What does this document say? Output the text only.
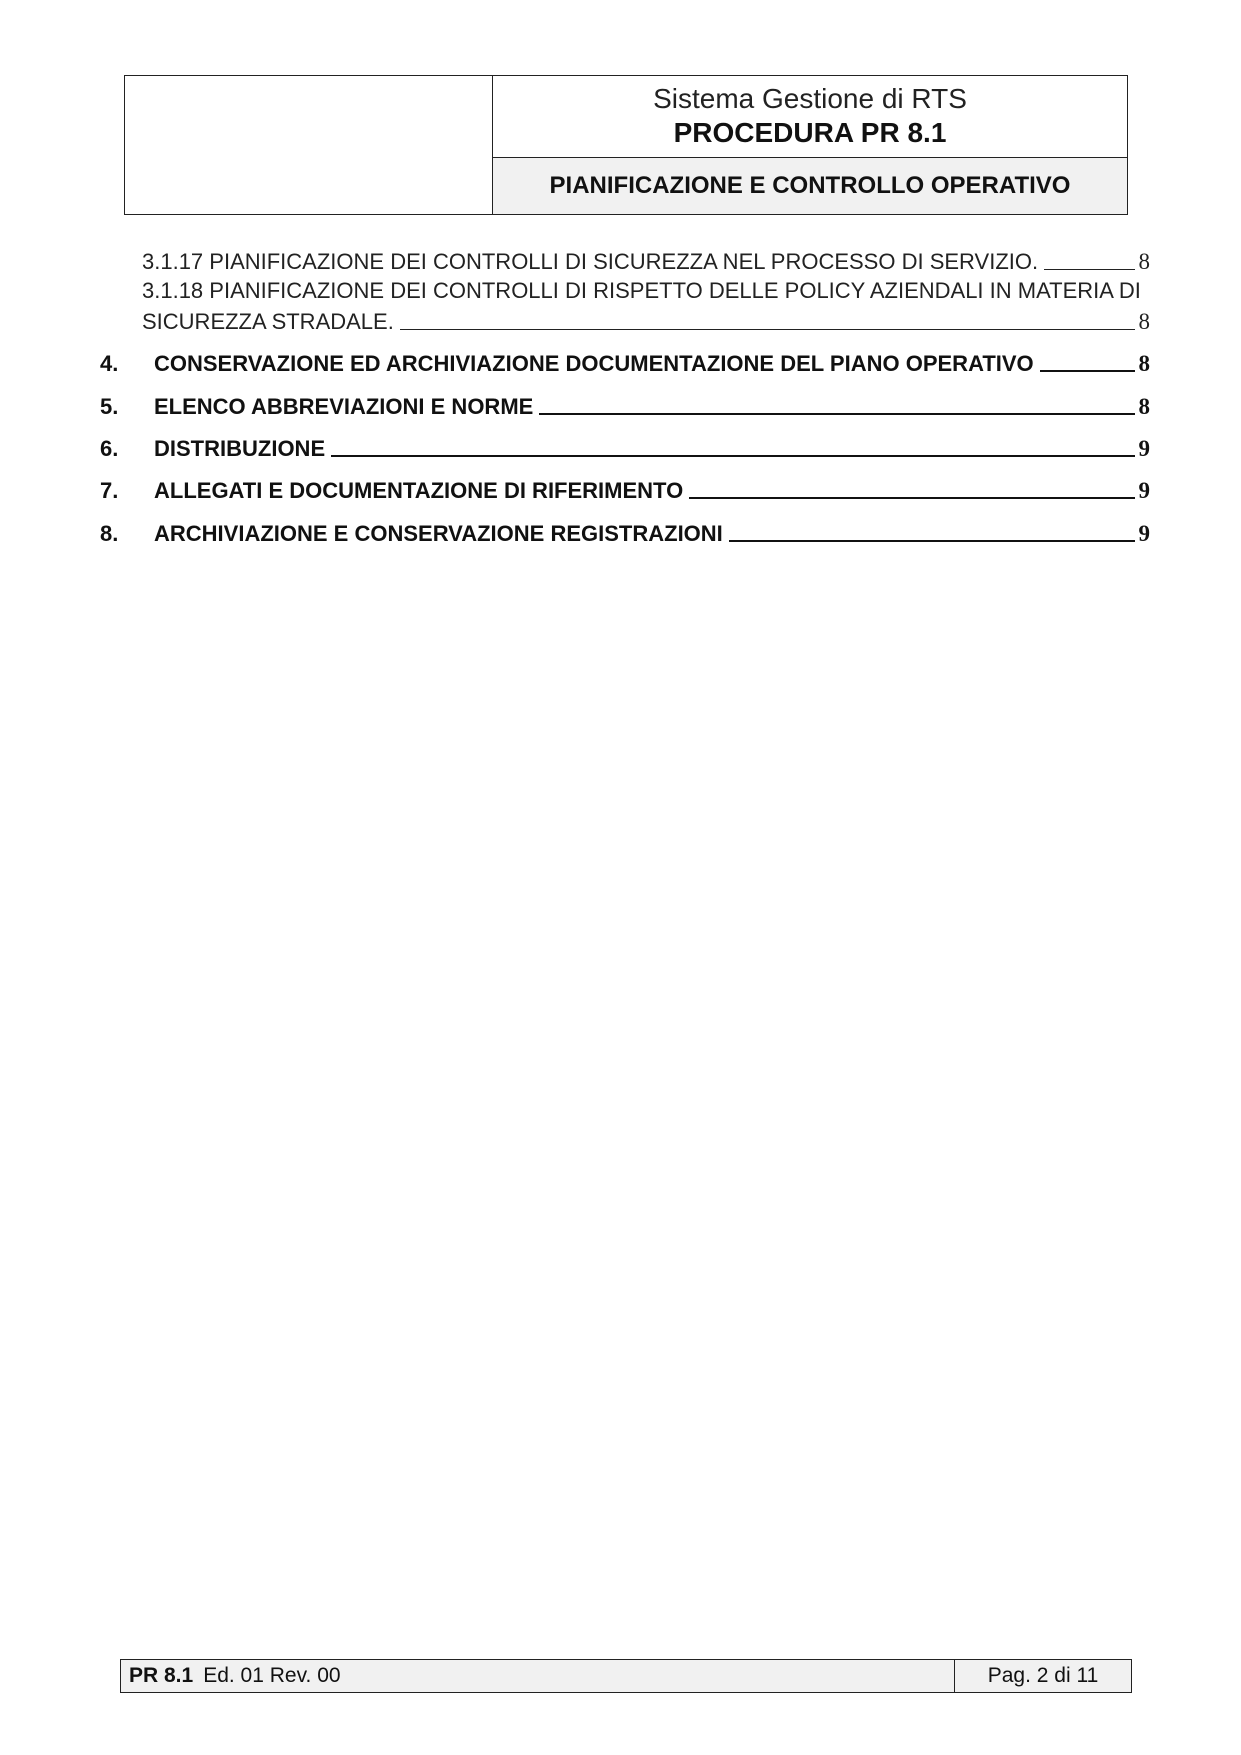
Sistema Gestione di RTS
PROCEDURA PR 8.1
PIANIFICAZIONE E CONTROLLO OPERATIVO
3.1.17 PIANIFICAZIONE DEI CONTROLLI DI SICUREZZA NEL PROCESSO DI SERVIZIO.	8
3.1.18 PIANIFICAZIONE DEI CONTROLLI DI RISPETTO DELLE POLICY AZIENDALI IN MATERIA DI
SICUREZZA STRADALE.	8
4.	CONSERVAZIONE ED ARCHIVIAZIONE DOCUMENTAZIONE DEL PIANO OPERATIVO	8
5.	ELENCO ABBREVIAZIONI E NORME	8
6.	DISTRIBUZIONE	9
7.	ALLEGATI E DOCUMENTAZIONE DI RIFERIMENTO	9
8.	ARCHIVIAZIONE E CONSERVAZIONE REGISTRAZIONI	9
PR 8.1 Ed. 01 Rev. 00	Pag. 2 di 11
